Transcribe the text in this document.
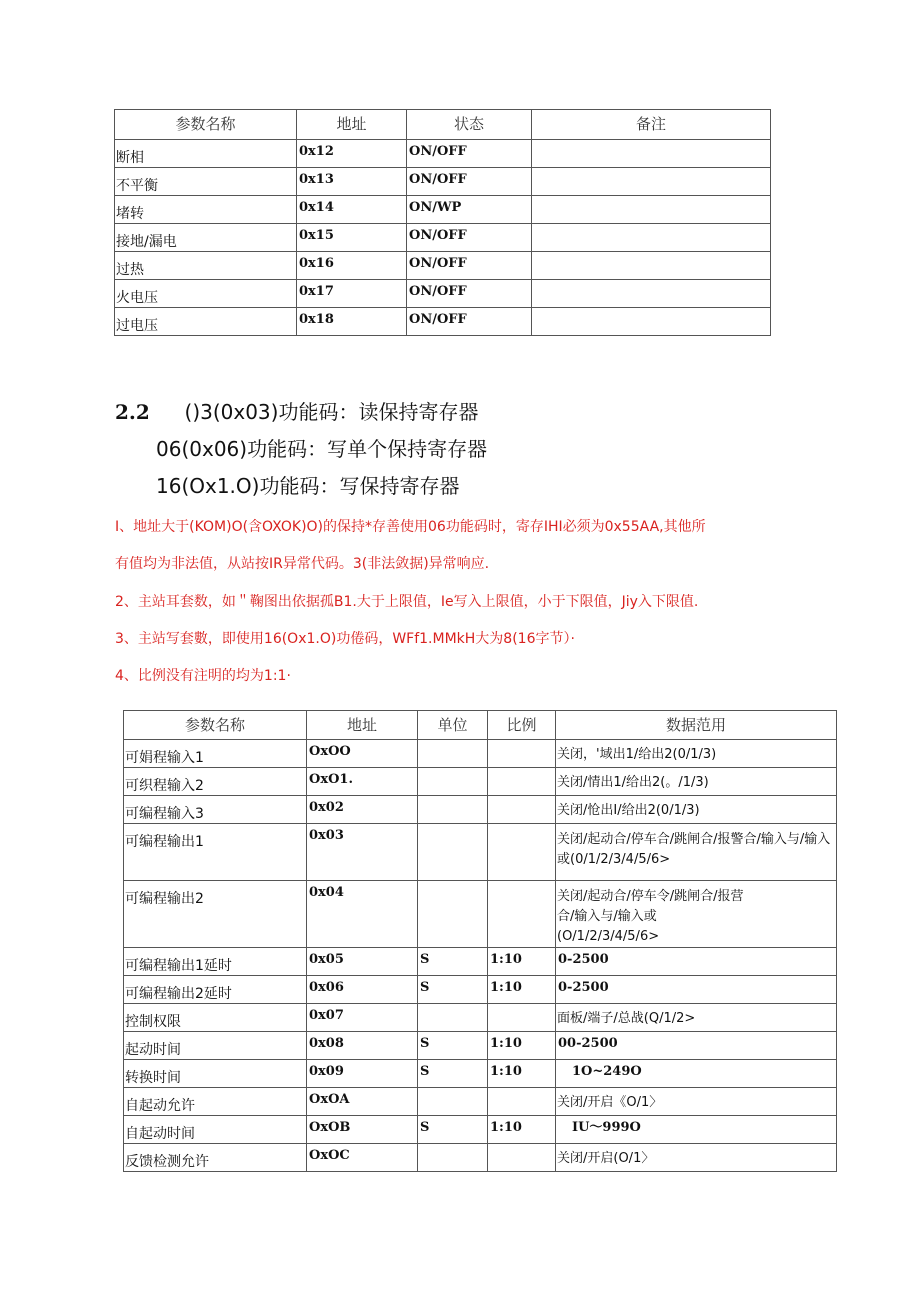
参数名称	地址	状态	备注
断相	0x12	ON/OFF	
不平衡	0x13	ON/OFF	
堵转	0x14	ON/WP	
接地/漏电	0x15	ON/OFF	
过热	0x16	ON/OFF	
火电压	0x17	ON/OFF	
过电压	0x18	ON/OFF	
2.2 ()3(0x03)功能码：读保持寄存器
06(0x06)功能码：写单个保持寄存器
16(Ox1.O)功能码：写保持寄存器
I、地址大于(KOM)O(含OXOK)O)的保持*存善使用06功能码时，寄存IHI必须为0x55AA,其他所
有值均为非法值，从站按IR异常代码。3(非法敛据)异常响应.
2、主站耳套数，如＂鞠图出依据孤B1.大于上限值，Ie写入上限值，小于下限值，Jiy入下限值.
3、主站写套數，即使用16(Ox1.O)功倦码，WFf1.MMkH大为8(16字节）·
4、比例没有注明的均为1:1·
参数名称	地址	单位	比例	数据范用
可娟程输入1	OxOO			关闭，'域出1/给出2(0/1/3)
可织程输入2	OxO1.			关闭/情出1/给出2(。/1/3)
可编程输入3	0x02			关闭/怆出I/给出2(0/1/3)
可编程输出1	0x03			关闭/起动合/停车合/跳闸合/报警合/输入与/输入或(0/1/2/3/4/5/6>
可编程输出2	0x04			关闭/起动合/停车令/跳闸合/报营合/输入与/输入或(O/1/2/3/4/5/6>
可编程输出1延时	0x05	S	1:10	0-2500
可编程输出2延时	0x06	S	1:10	0-2500
控制权限	0x07			面板/端子/总战(Q/1/2>
起动时间	0x08	S	1:10	00-2500
转换时间	0x09	S	1:10	1O~249O
自起动允许	OxOA			关闭/开启《O/1〉
自起动时间	OxOB	S	1:10	IU～999O
反馈检测允许	OxOC			关闭/开启(O/1〉
